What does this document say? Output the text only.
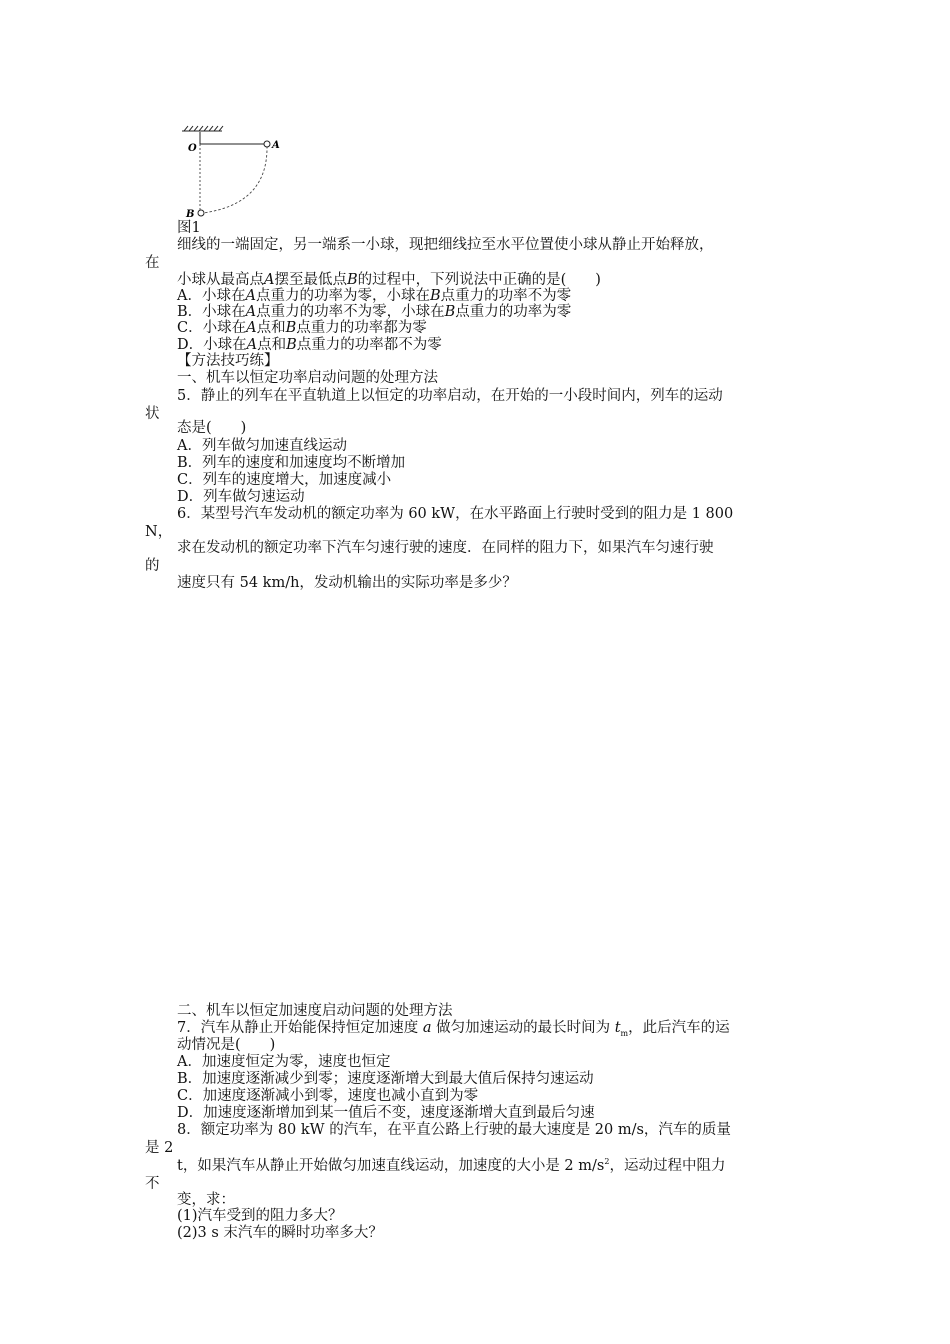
O	A
B
图1
细线的一端固定，另一端系一小球，现把细线拉至水平位置使小球从静止开始释放，
在
小球从最高点A摆至最低点B的过程中，下列说法中正确的是(　　)
A．小球在A点重力的功率为零，小球在B点重力的功率不为零
B．小球在A点重力的功率不为零，小球在B点重力的功率为零
C．小球在A点和B点重力的功率都为零
D．小球在A点和B点重力的功率都不为零
【方法技巧练】
一、机车以恒定功率启动问题的处理方法
5．静止的列车在平直轨道上以恒定的功率启动，在开始的一小段时间内，列车的运动
状
态是(　　)
A．列车做匀加速直线运动
B．列车的速度和加速度均不断增加
C．列车的速度增大，加速度减小
D．列车做匀速运动
6．某型号汽车发动机的额定功率为 60 kW，在水平路面上行驶时受到的阻力是 1 800
N，
求在发动机的额定功率下汽车匀速行驶的速度．在同样的阻力下，如果汽车匀速行驶
的
速度只有 54 km/h，发动机输出的实际功率是多少？
二、机车以恒定加速度启动问题的处理方法
7．汽车从静止开始能保持恒定加速度 a 做匀加速运动的最长时间为 $t_m$，此后汽车的运
动情况是(　　)
A．加速度恒定为零，速度也恒定
B．加速度逐渐减少到零；速度逐渐增大到最大值后保持匀速运动
C．加速度逐渐减小到零，速度也减小直到为零
D．加速度逐渐增加到某一值后不变，速度逐渐增大直到最后匀速
8．额定功率为 80 kW 的汽车，在平直公路上行驶的最大速度是 20 m/s，汽车的质量
是 2
t，如果汽车从静止开始做匀加速直线运动，加速度的大小是 2 $m/s^2$，运动过程中阻力
不
变，求：
(1)汽车受到的阻力多大？
(2)3 s 末汽车的瞬时功率多大？
